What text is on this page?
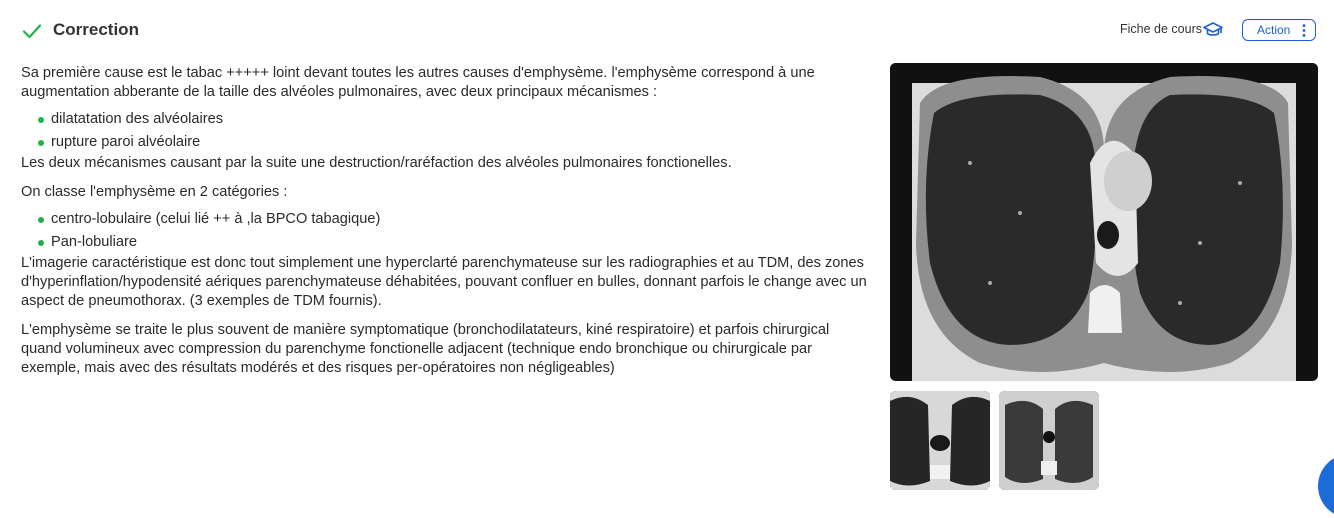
Correction	Fiche de cours	Action

Sa première cause est le tabac +++++ loint devant toutes les autres causes d'emphysème. l'emphysème correspond à une augmentation abberante de la taille des alvéoles pulmonaires, avec deux principaux mécanismes :

dilatatation des alvéolaires
rupture paroi alvéolaire

Les deux mécanismes causant par la suite une destruction/raréfaction des alvéoles pulmonaires fonctionelles.

On classe l'emphysème en 2 catégories :

centro-lobulaire (celui lié ++ à ,la BPCO tabagique)
Pan-lobuliare

L'imagerie caractéristique est donc tout simplement une hyperclarté parenchymateuse sur les radiographies et au TDM, des zones d'hyperinflation/hypodensité aériques parenchymateuse déhabitées, pouvant confluer en bulles, donnant parfois le change avec un aspect de pneumothorax. (3 exemples de TDM fournis).

L'emphysème se traite le plus souvent de manière symptomatique (bronchodilatateurs, kiné respiratoire) et parfois chirurgical quand volumineux avec compression du parenchyme fonctionelle adjacent (technique endo bronchique ou chirurgicale par exemple, mais avec des résultats modérés et des risques per-opératoires non négligeables)
